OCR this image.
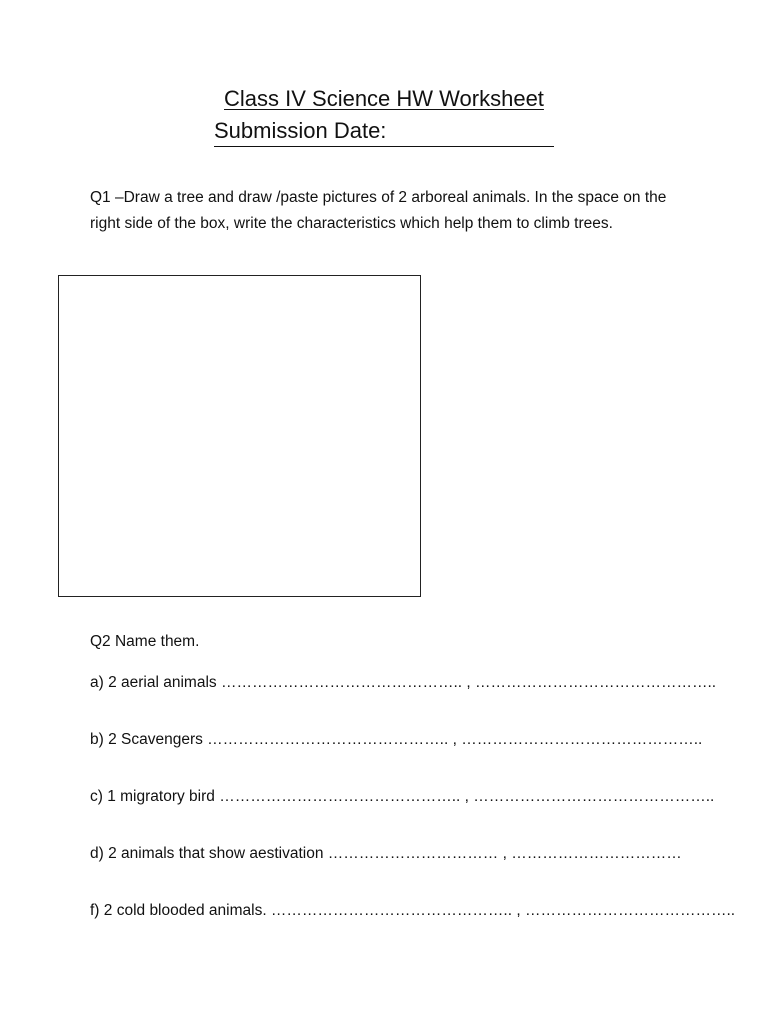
Class IV Science HW Worksheet
Submission Date:
Q1 –Draw a tree and draw /paste pictures of 2 arboreal animals. In the space on the right side of the box, write the characteristics which help them to climb trees.
Q2 Name them.
a) 2 aerial animals ……………………………………….. , ………………………………………..
b) 2 Scavengers ……………………………………….. , ………………………………………..
c) 1 migratory bird ……………………………………….. , ………………………………………..
d) 2 animals that show aestivation …………………………… , ……………………………
f) 2 cold blooded animals. ……………………………………….. , …………………………………..
